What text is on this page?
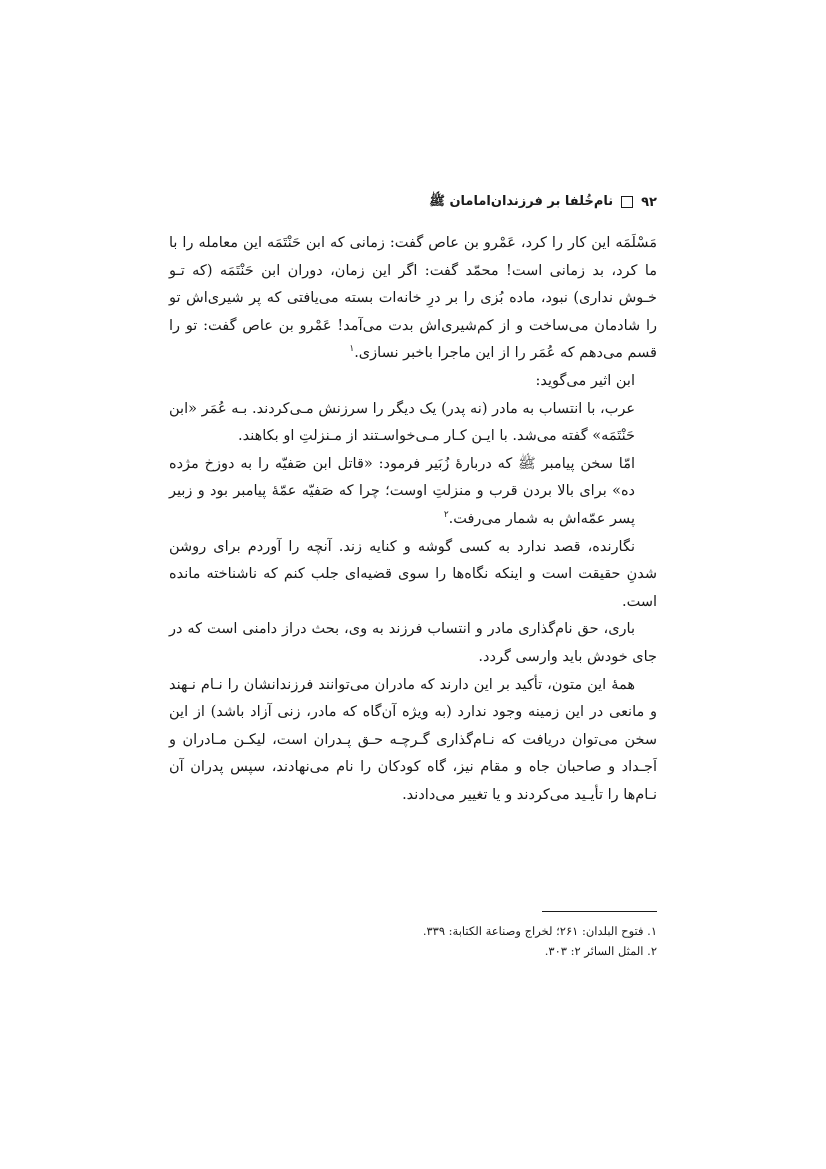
۹۲
نام‌خُلفا بر فرزندان‌امامان ﷺ

مَسْلَمَه این کار را کرد، عَمْرو بن عاص گفت: زمانی که ابن حَنْتَمَه این معامله را با ما کرد، بد زمانی است! محمّد گفت: اگر این زمان، دوران ابن حَنْتَمَه (که تـو خـوش نداری) نبود، ماده بُزی را بر درِ خانه‌ات بسته می‌یافتی که پر شیری‌اش تو را شادمان می‌ساخت و از کم‌شیری‌اش بدت می‌آمد! عَمْرو بن عاص گفت: تو را قسم می‌دهم که عُمَر را از این ماجرا باخبر نسازی.$^۱$

ابن اثیر می‌گوید:

عرب، با انتساب به مادر (نه پدر) یک دیگر را سرزنش مـی‌کردند. بـه عُمَر «ابن حَنْتَمَه» گفته می‌شد. با ایـن کـار مـی‌خواسـتند از مـنزلتِ او بکاهند.

امّا سخن پیامبر ﷺ که دربارهٔ زُبَیر فرمود: «قاتل ابن صَفیّه را به دوزخ مژده ده» برای بالا بردن قرب و منزلتِ اوست؛ چرا که صَفیّه عمّهٔ پیامبر بود و زبیر پسر عمّه‌اش به شمار می‌رفت.$^۲$

نگارنده، قصد ندارد به کسی گوشه و کنایه زند. آنچه را آوردم برای روشن شدنِ حقیقت است و اینکه نگاه‌ها را سوی قضیه‌ای جلب کنم که ناشناخته مانده است.

باری، حق نام‌گذاری مادر و انتساب فرزند به وی، بحث دراز دامنی است که در جای خودش باید وارسی گردد.

همهٔ این متون، تأکید بر این دارند که مادران می‌توانند فرزندانشان را نـام نـهند و مانعی در این زمینه وجود ندارد (به ویژه آن‌گاه که مادر، زنی آزاد باشد) از این سخن می‌توان دریافت که نـام‌گذاری گـرچـه حـق پـدران است، لیکـن مـادران و اَجـداد و صاحبان جاه و مقام نیز، گاه کودکان را نام می‌نهادند، سپس پدران آن نـام‌ها را تأیـید می‌کردند و یا تغییر می‌دادند.

۱. فتوح البلدان: ۲۶۱؛ لخراج وصناعة الکتابة: ۳۳۹.

۲. المثل السائر ۲: ۳۰۳.
